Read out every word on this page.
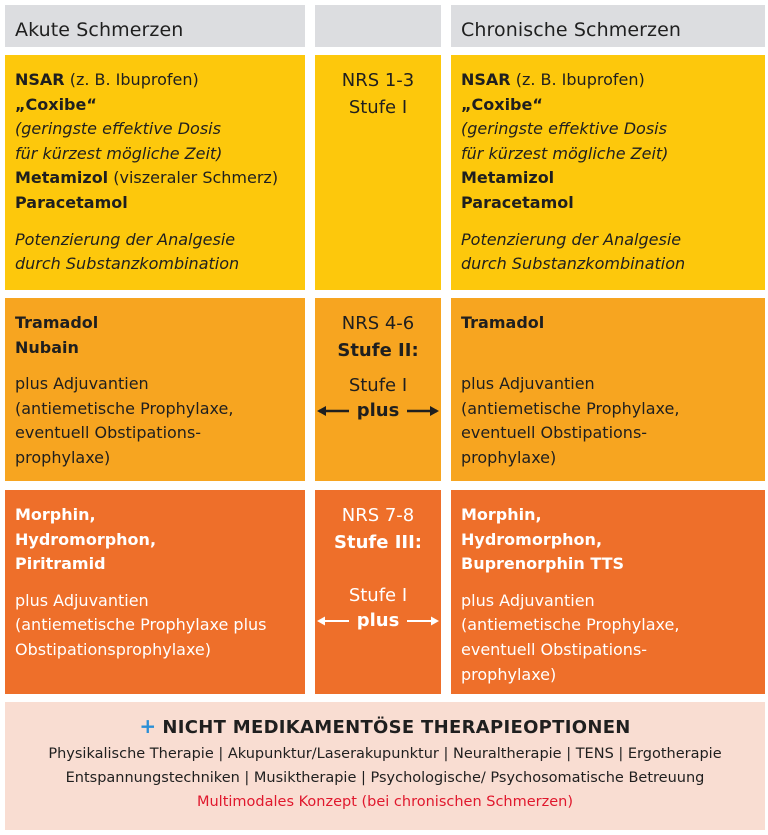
Akute Schmerzen	Chronische Schmerzen
NSAR (z. B. Ibuprofen)
„Coxibe“
(geringste effektive Dosis
für kürzest mögliche Zeit)
Metamizol (viszeraler Schmerz)
Paracetamol
Potenzierung der Analgesie
durch Substanzkombination
NRS 1-3
Stufe I
NSAR (z. B. Ibuprofen)
„Coxibe“
(geringste effektive Dosis
für kürzest mögliche Zeit)
Metamizol
Paracetamol
Potenzierung der Analgesie
durch Substanzkombination
Tramadol
Nubain
plus Adjuvantien
(antiemetische Prophylaxe,
eventuell Obstipations-
prophylaxe)
NRS 4-6
Stufe II:
Stufe I
plus
Tramadol
plus Adjuvantien
(antiemetische Prophylaxe,
eventuell Obstipations-
prophylaxe)
Morphin,
Hydromorphon,
Piritramid
plus Adjuvantien
(antiemetische Prophylaxe plus
Obstipationsprophylaxe)
NRS 7-8
Stufe III:
Stufe I
plus
Morphin,
Hydromorphon,
Buprenorphin TTS
plus Adjuvantien
(antiemetische Prophylaxe,
eventuell Obstipations-
prophylaxe)
+ NICHT MEDIKAMENTÖSE THERAPIEOPTIONEN
Physikalische Therapie | Akupunktur/Laserakupunktur | Neuraltherapie | TENS | Ergotherapie
Entspannungstechniken | Musiktherapie | Psychologische/ Psychosomatische Betreuung
Multimodales Konzept (bei chronischen Schmerzen)
